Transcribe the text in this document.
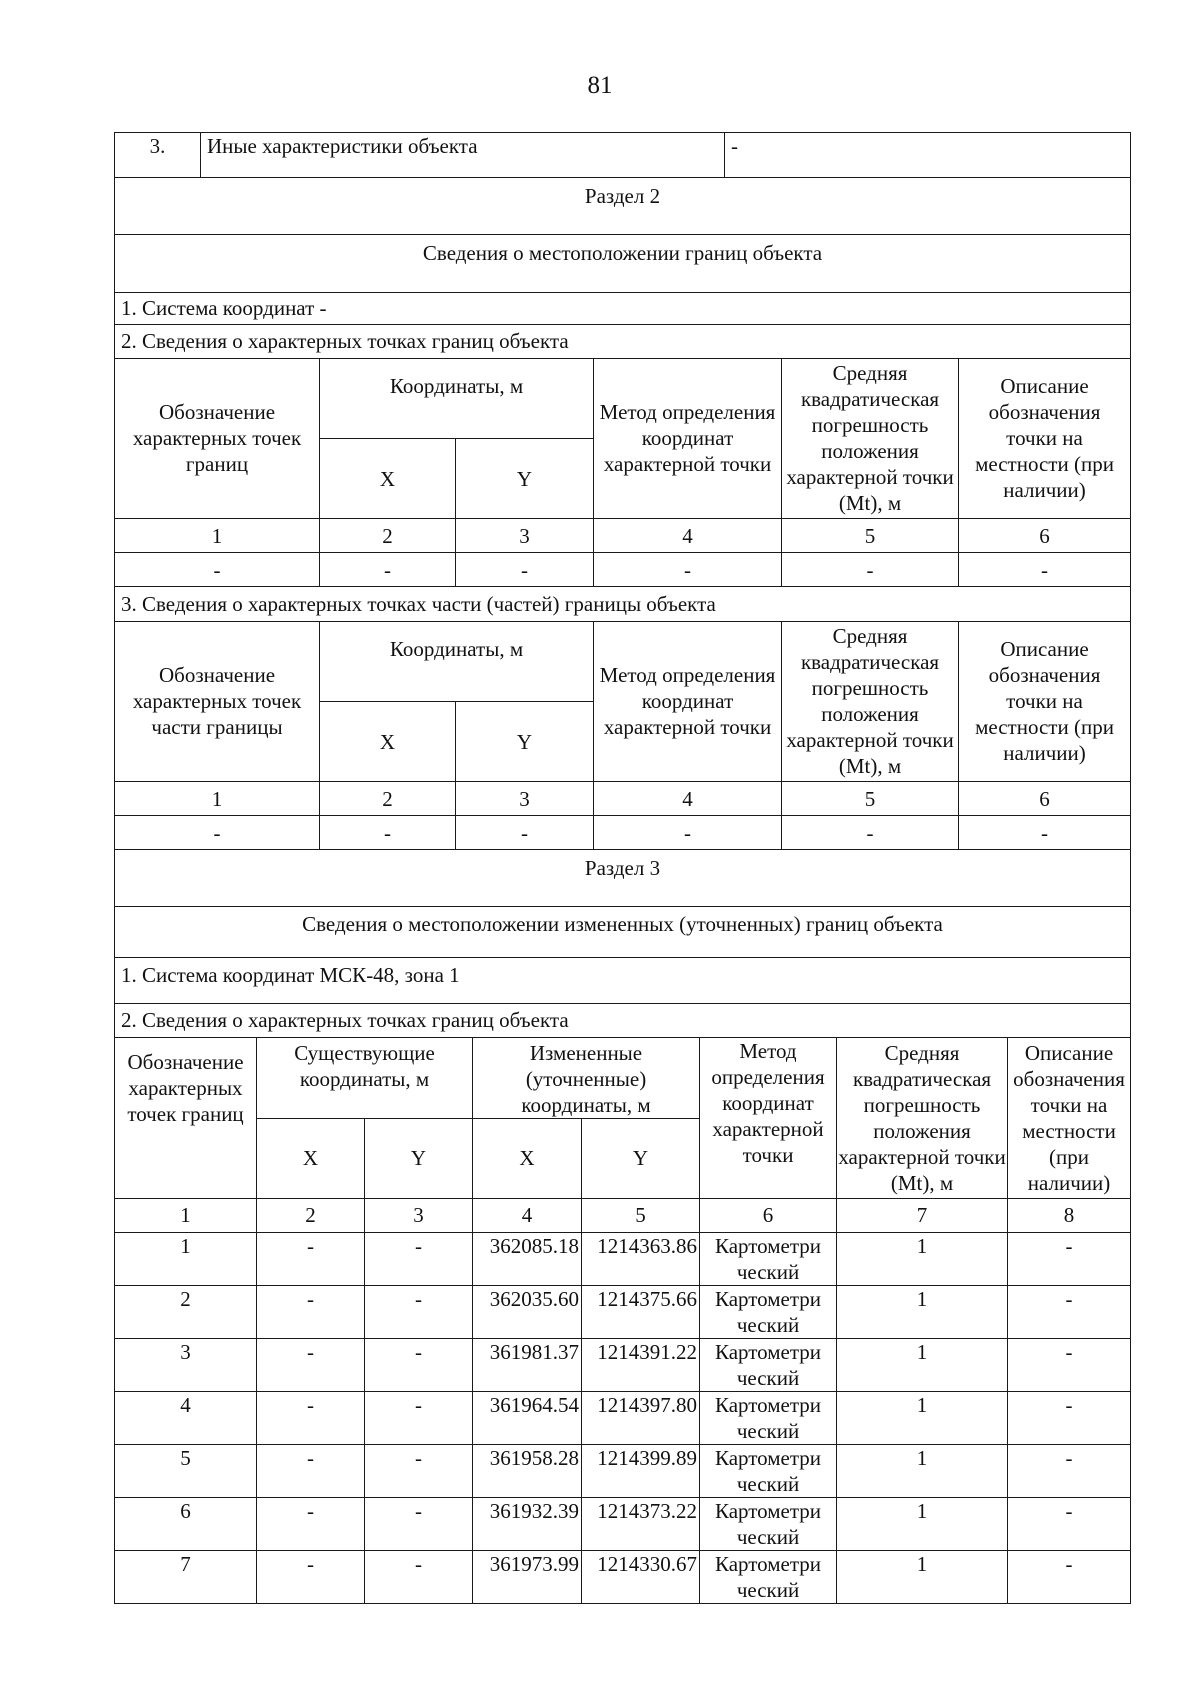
81
3.	Иные характеристики объекта	-
Раздел 2
Сведения о местоположении границ объекта
1. Система координат -
2. Сведения о характерных точках границ объекта
Обозначение характерных точек границ	Координаты, м		Метод определения координат характерной точки	Средняя квадратическая погрешность положения характерной точки (Mt), м	Описание обозначения точки на местности (при наличии)
	X	Y			
1	2	3	4	5	6
-	-	-	-	-	-
3. Сведения о характерных точках части (частей) границы объекта
Обозначение характерных точек части границы	Координаты, м		Метод определения координат характерной точки	Средняя квадратическая погрешность положения характерной точки (Mt), м	Описание обозначения точки на местности (при наличии)
	X	Y			
1	2	3	4	5	6
-	-	-	-	-	-
Раздел 3
Сведения о местоположении измененных (уточненных) границ объекта
1. Система координат МСК-48, зона 1
2. Сведения о характерных точках границ объекта
Обозначение характерных точек границ	Существующие координаты, м		Измененные (уточненные) координаты, м		Метод определения координат характерной точки	Средняя квадратическая погрешность положения характерной точки (Mt), м	Описание обозначения точки на местности (при наличии)
	X	Y	X	Y			
1	2	3	4	5	6	7	8
1	-	-	362085.18	1214363.86	Картометри ческий	1	-
2	-	-	362035.60	1214375.66	Картометри ческий	1	-
3	-	-	361981.37	1214391.22	Картометри ческий	1	-
4	-	-	361964.54	1214397.80	Картометри ческий	1	-
5	-	-	361958.28	1214399.89	Картометри ческий	1	-
6	-	-	361932.39	1214373.22	Картометри ческий	1	-
7	-	-	361973.99	1214330.67	Картометри ческий	1	-
